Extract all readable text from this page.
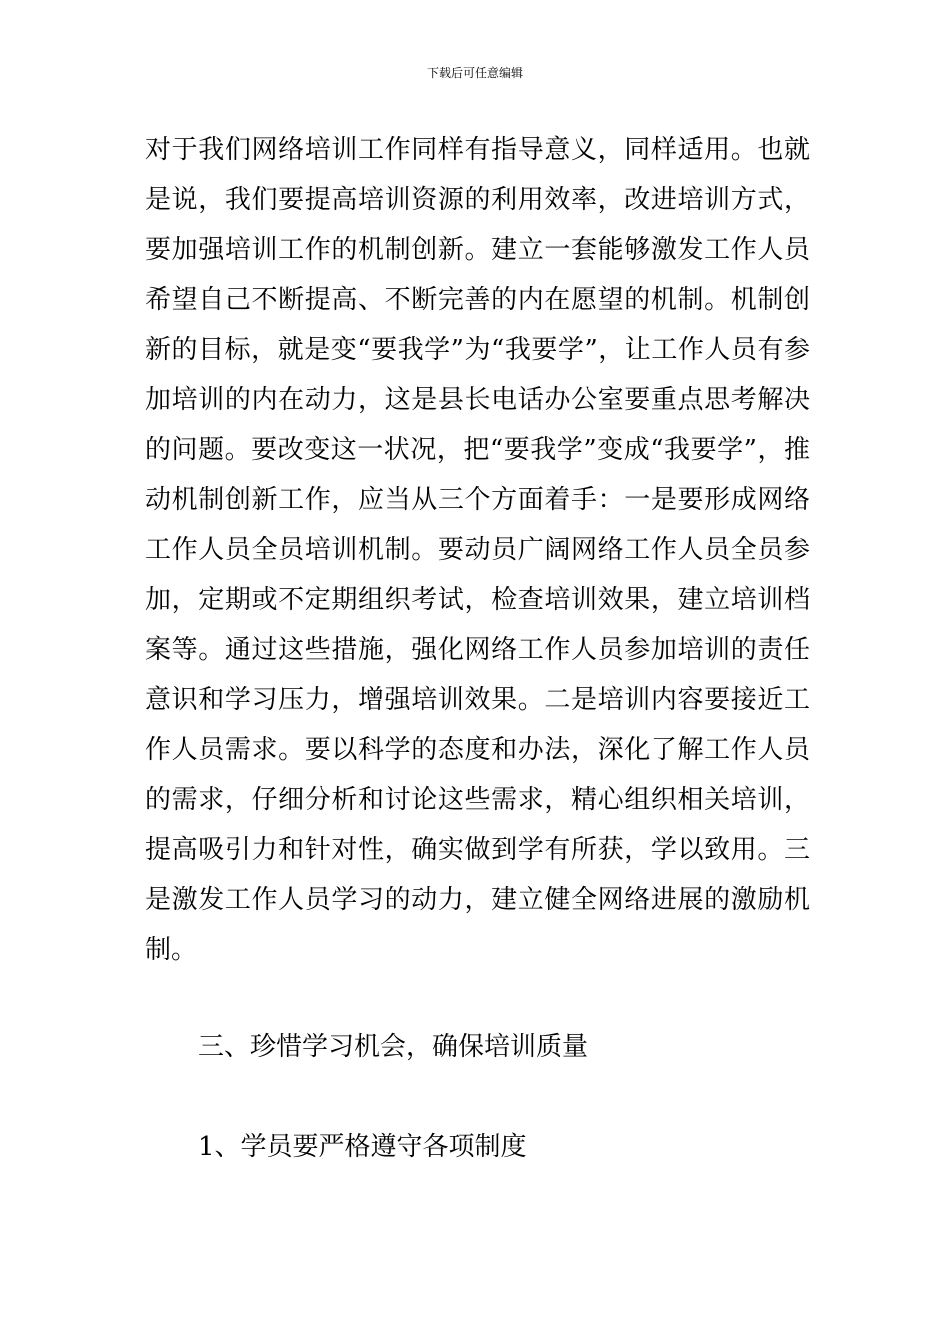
下载后可任意编辑

对于我们网络培训工作同样有指导意义，同样适用。也就是说，我们要提高培训资源的利用效率，改进培训方式，要加强培训工作的机制创新。建立一套能够激发工作人员希望自己不断提高、不断完善的内在愿望的机制。机制创新的目标，就是变“要我学”为“我要学”，让工作人员有参加培训的内在动力，这是县长电话办公室要重点思考解决的问题。要改变这一状况，把“要我学”变成“我要学”，推动机制创新工作，应当从三个方面着手：一是要形成网络工作人员全员培训机制。要动员广阔网络工作人员全员参加，定期或不定期组织考试，检查培训效果，建立培训档案等。通过这些措施，强化网络工作人员参加培训的责任意识和学习压力，增强培训效果。二是培训内容要接近工作人员需求。要以科学的态度和办法，深化了解工作人员的需求，仔细分析和讨论这些需求，精心组织相关培训，提高吸引力和针对性，确实做到学有所获，学以致用。三是激发工作人员学习的动力，建立健全网络进展的激励机制。

三、珍惜学习机会，确保培训质量
1、学员要严格遵守各项制度
